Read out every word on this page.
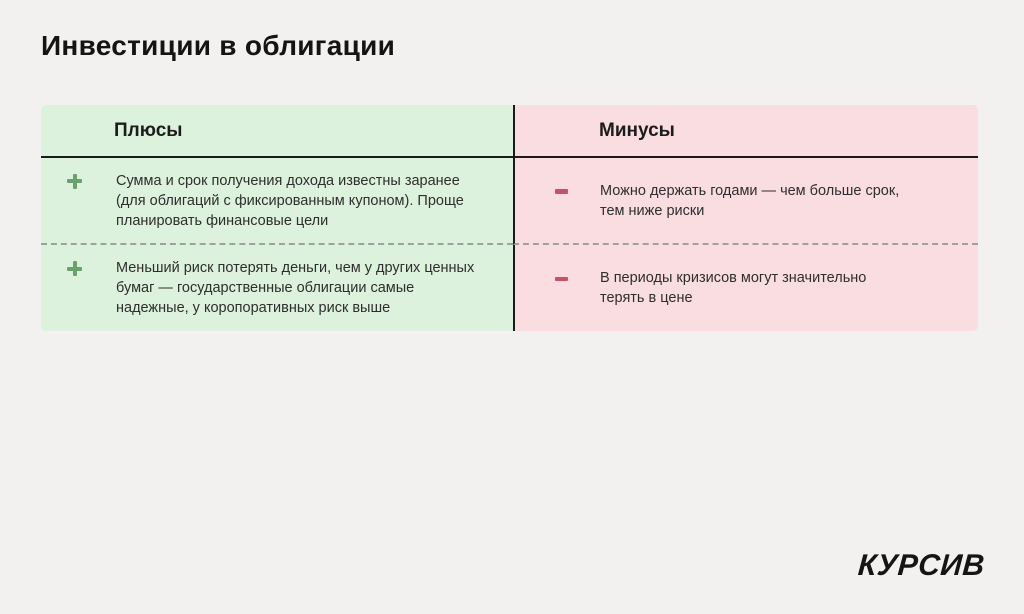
Инвестиции в облигации
Плюсы	Минусы

Сумма и срок получения дохода известны заранее (для облигаций с фиксированным купоном). Проще планировать финансовые цели

Можно держать годами — чем больше срок, тем ниже риски

Меньший риск потерять деньги, чем у других ценных бумаг — государственные облигации самые надежные, у коропоративных риск выше

В периоды кризисов могут значительно терять в цене

КУРСИВ
